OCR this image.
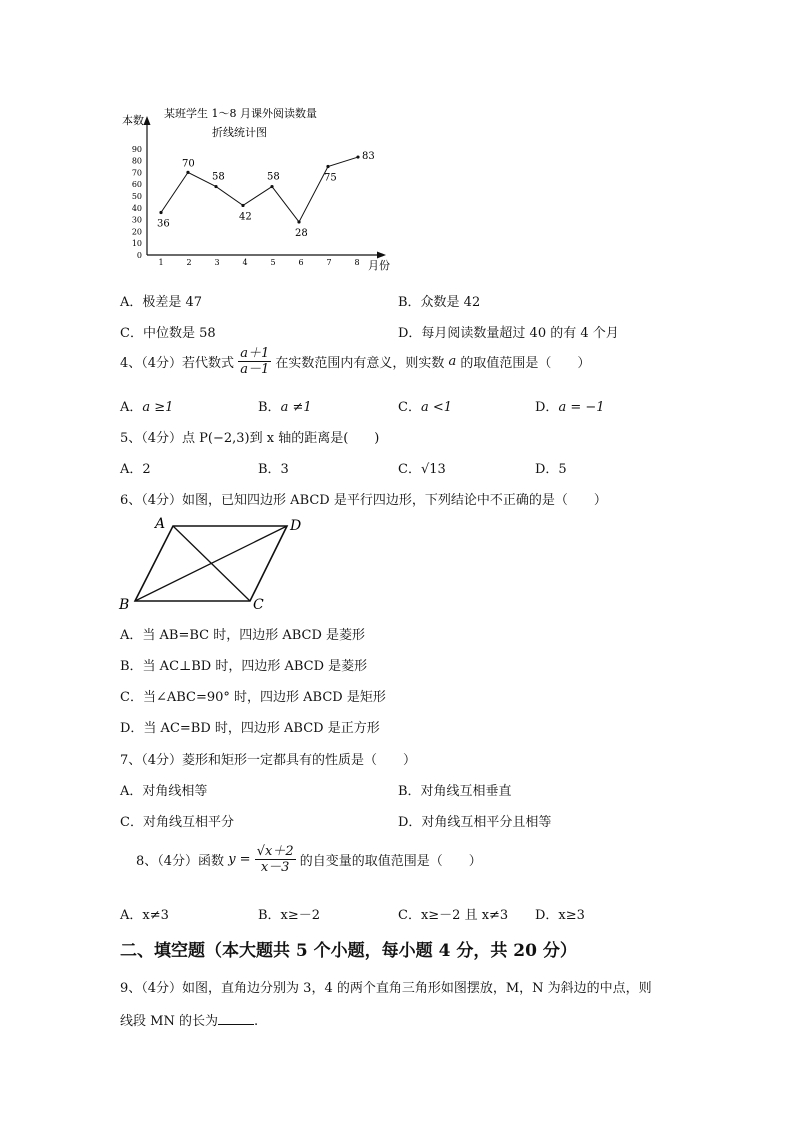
某班学生 1～8 月课外阅读数量
折线统计图
本数
月份
0
10
20
30
40
50
60
70
80
90
1	2	3	4	5	6	7	8
36
70
58
42
58
28
75
83
A．极差是 47	B．众数是 42
C．中位数是 58	D．每月阅读数量超过 40 的有 4 个月
4、（4分）若代数式 $\frac{a+1}{a-1}$ 在实数范围内有意义，则实数 a 的取值范围是（　　）
A．a ≥1	B．a ≠1	C．a <1	D．a = −1
5、（4分）点 P(−2,3)到 x 轴的距离是(　　)
A．2	B．3	C．√13	D．5
6、（4分）如图，已知四边形 ABCD 是平行四边形，下列结论中不正确的是（　　）
A	D
B	C
A．当 AB=BC 时，四边形 ABCD 是菱形
B．当 AC⊥BD 时，四边形 ABCD 是菱形
C．当∠ABC=90° 时，四边形 ABCD 是矩形
D．当 AC=BD 时，四边形 ABCD 是正方形
7、（4分）菱形和矩形一定都具有的性质是（　　）
A．对角线相等	B．对角线互相垂直
C．对角线互相平分	D．对角线互相平分且相等
8、（4分）函数 $y = \frac{√x+2}{x-3}$ 的自变量的取值范围是（　　）
A．x≠3	B．x≥－2	C．x≥－2 且 x≠3 D．x≥3
二、填空题（本大题共 5 个小题，每小题 4 分，共 20 分）
9、（4分）如图，直角边分别为 3，4 的两个直角三角形如图摆放，M，N 为斜边的中点，则
线段 MN 的长为	.
